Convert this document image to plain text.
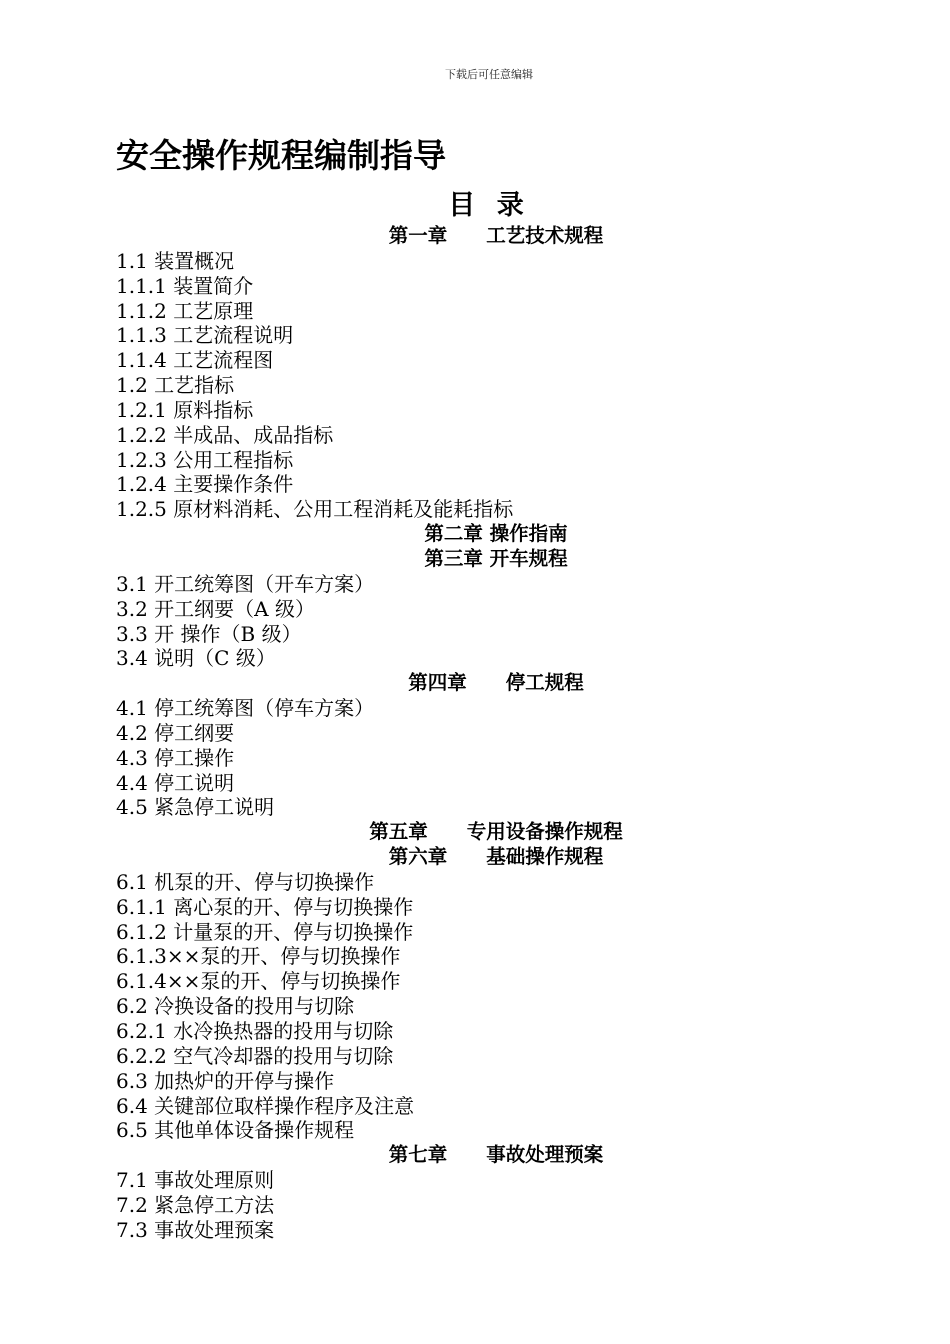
下载后可任意编辑
安全操作规程编制指导
目 录
第一章　　工艺技术规程
1.1 装置概况
1.1.1 装置简介
1.1.2 工艺原理
1.1.3 工艺流程说明
1.1.4 工艺流程图
1.2 工艺指标
1.2.1 原料指标
1.2.2 半成品、成品指标
1.2.3 公用工程指标
1.2.4 主要操作条件
1.2.5 原材料消耗、公用工程消耗及能耗指标
第二章 操作指南
第三章 开车规程
3.1 开工统筹图（开车方案）
3.2 开工纲要（A 级）
3.3 开 操作（B 级）
3.4 说明（C 级）
第四章　　停工规程
4.1 停工统筹图（停车方案）
4.2 停工纲要
4.3 停工操作
4.4 停工说明
4.5 紧急停工说明
第五章　　专用设备操作规程
第六章　　基础操作规程
6.1 机泵的开、停与切换操作
6.1.1 离心泵的开、停与切换操作
6.1.2 计量泵的开、停与切换操作
6.1.3××泵的开、停与切换操作
6.1.4××泵的开、停与切换操作
6.2 冷换设备的投用与切除
6.2.1 水冷换热器的投用与切除
6.2.2 空气冷却器的投用与切除
6.3 加热炉的开停与操作
6.4 关键部位取样操作程序及注意
6.5 其他单体设备操作规程
第七章　　事故处理预案
7.1 事故处理原则
7.2 紧急停工方法
7.3 事故处理预案
